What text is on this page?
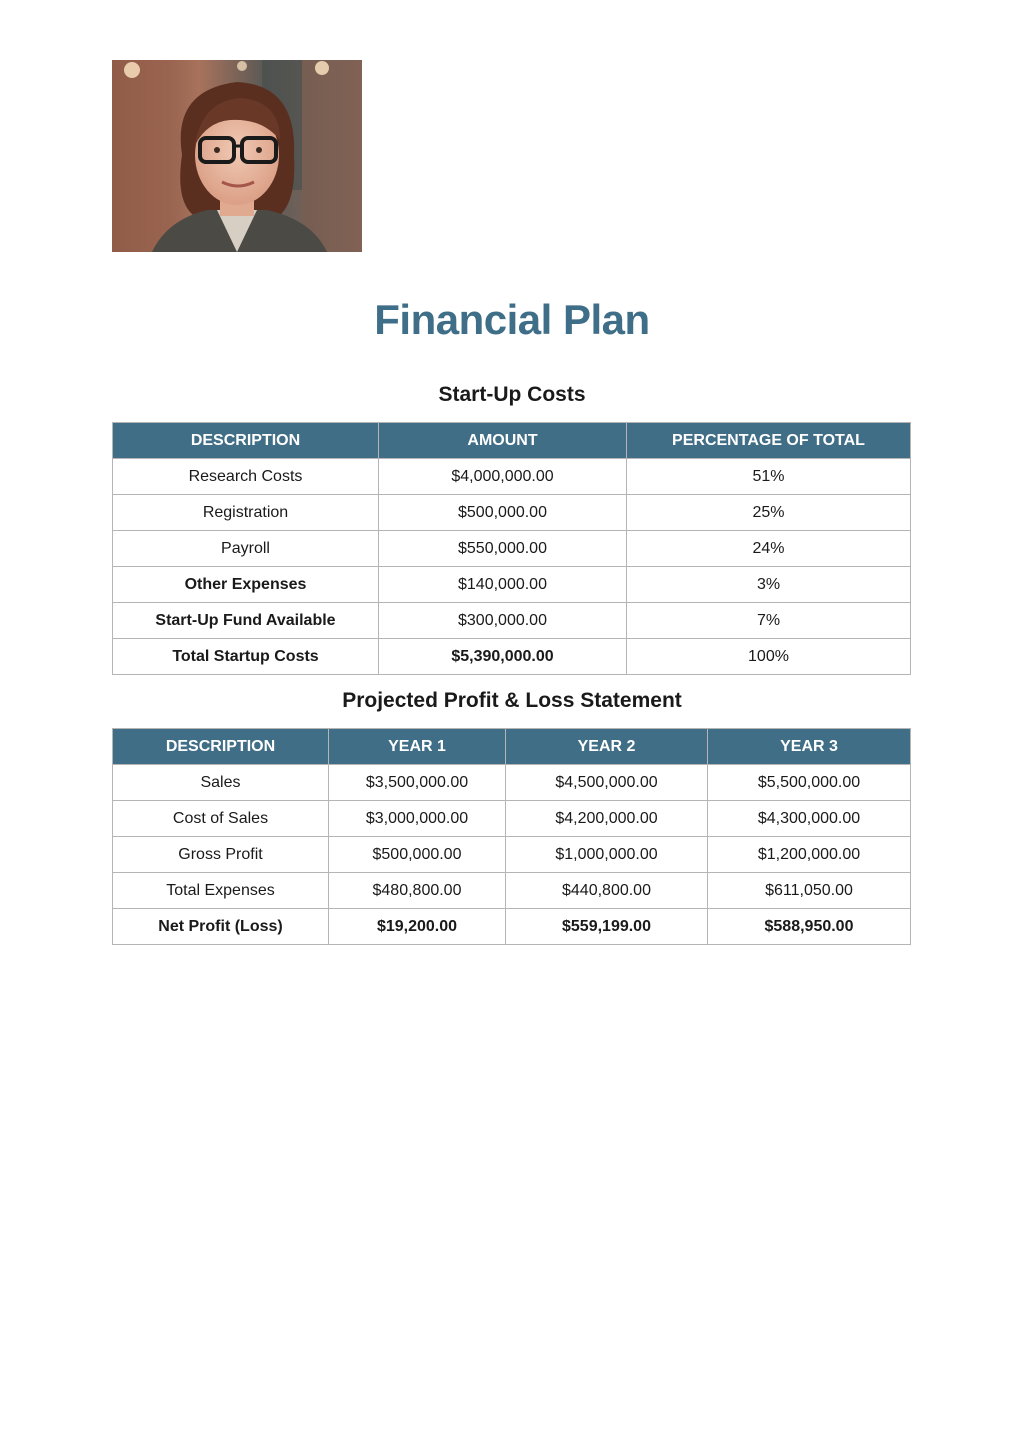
Financial Plan
Start-Up Costs
DESCRIPTION	AMOUNT	PERCENTAGE OF TOTAL
Research Costs	$4,000,000.00	51%
Registration	$500,000.00	25%
Payroll	$550,000.00	24%
Other Expenses	$140,000.00	3%
Start-Up Fund Available	$300,000.00	7%
Total Startup Costs	$5,390,000.00	100%
Projected Profit & Loss Statement
DESCRIPTION	YEAR 1	YEAR 2	YEAR 3
Sales	$3,500,000.00	$4,500,000.00	$5,500,000.00
Cost of Sales	$3,000,000.00	$4,200,000.00	$4,300,000.00
Gross Profit	$500,000.00	$1,000,000.00	$1,200,000.00
Total Expenses	$480,800.00	$440,800.00	$611,050.00
Net Profit (Loss)	$19,200.00	$559,199.00	$588,950.00
